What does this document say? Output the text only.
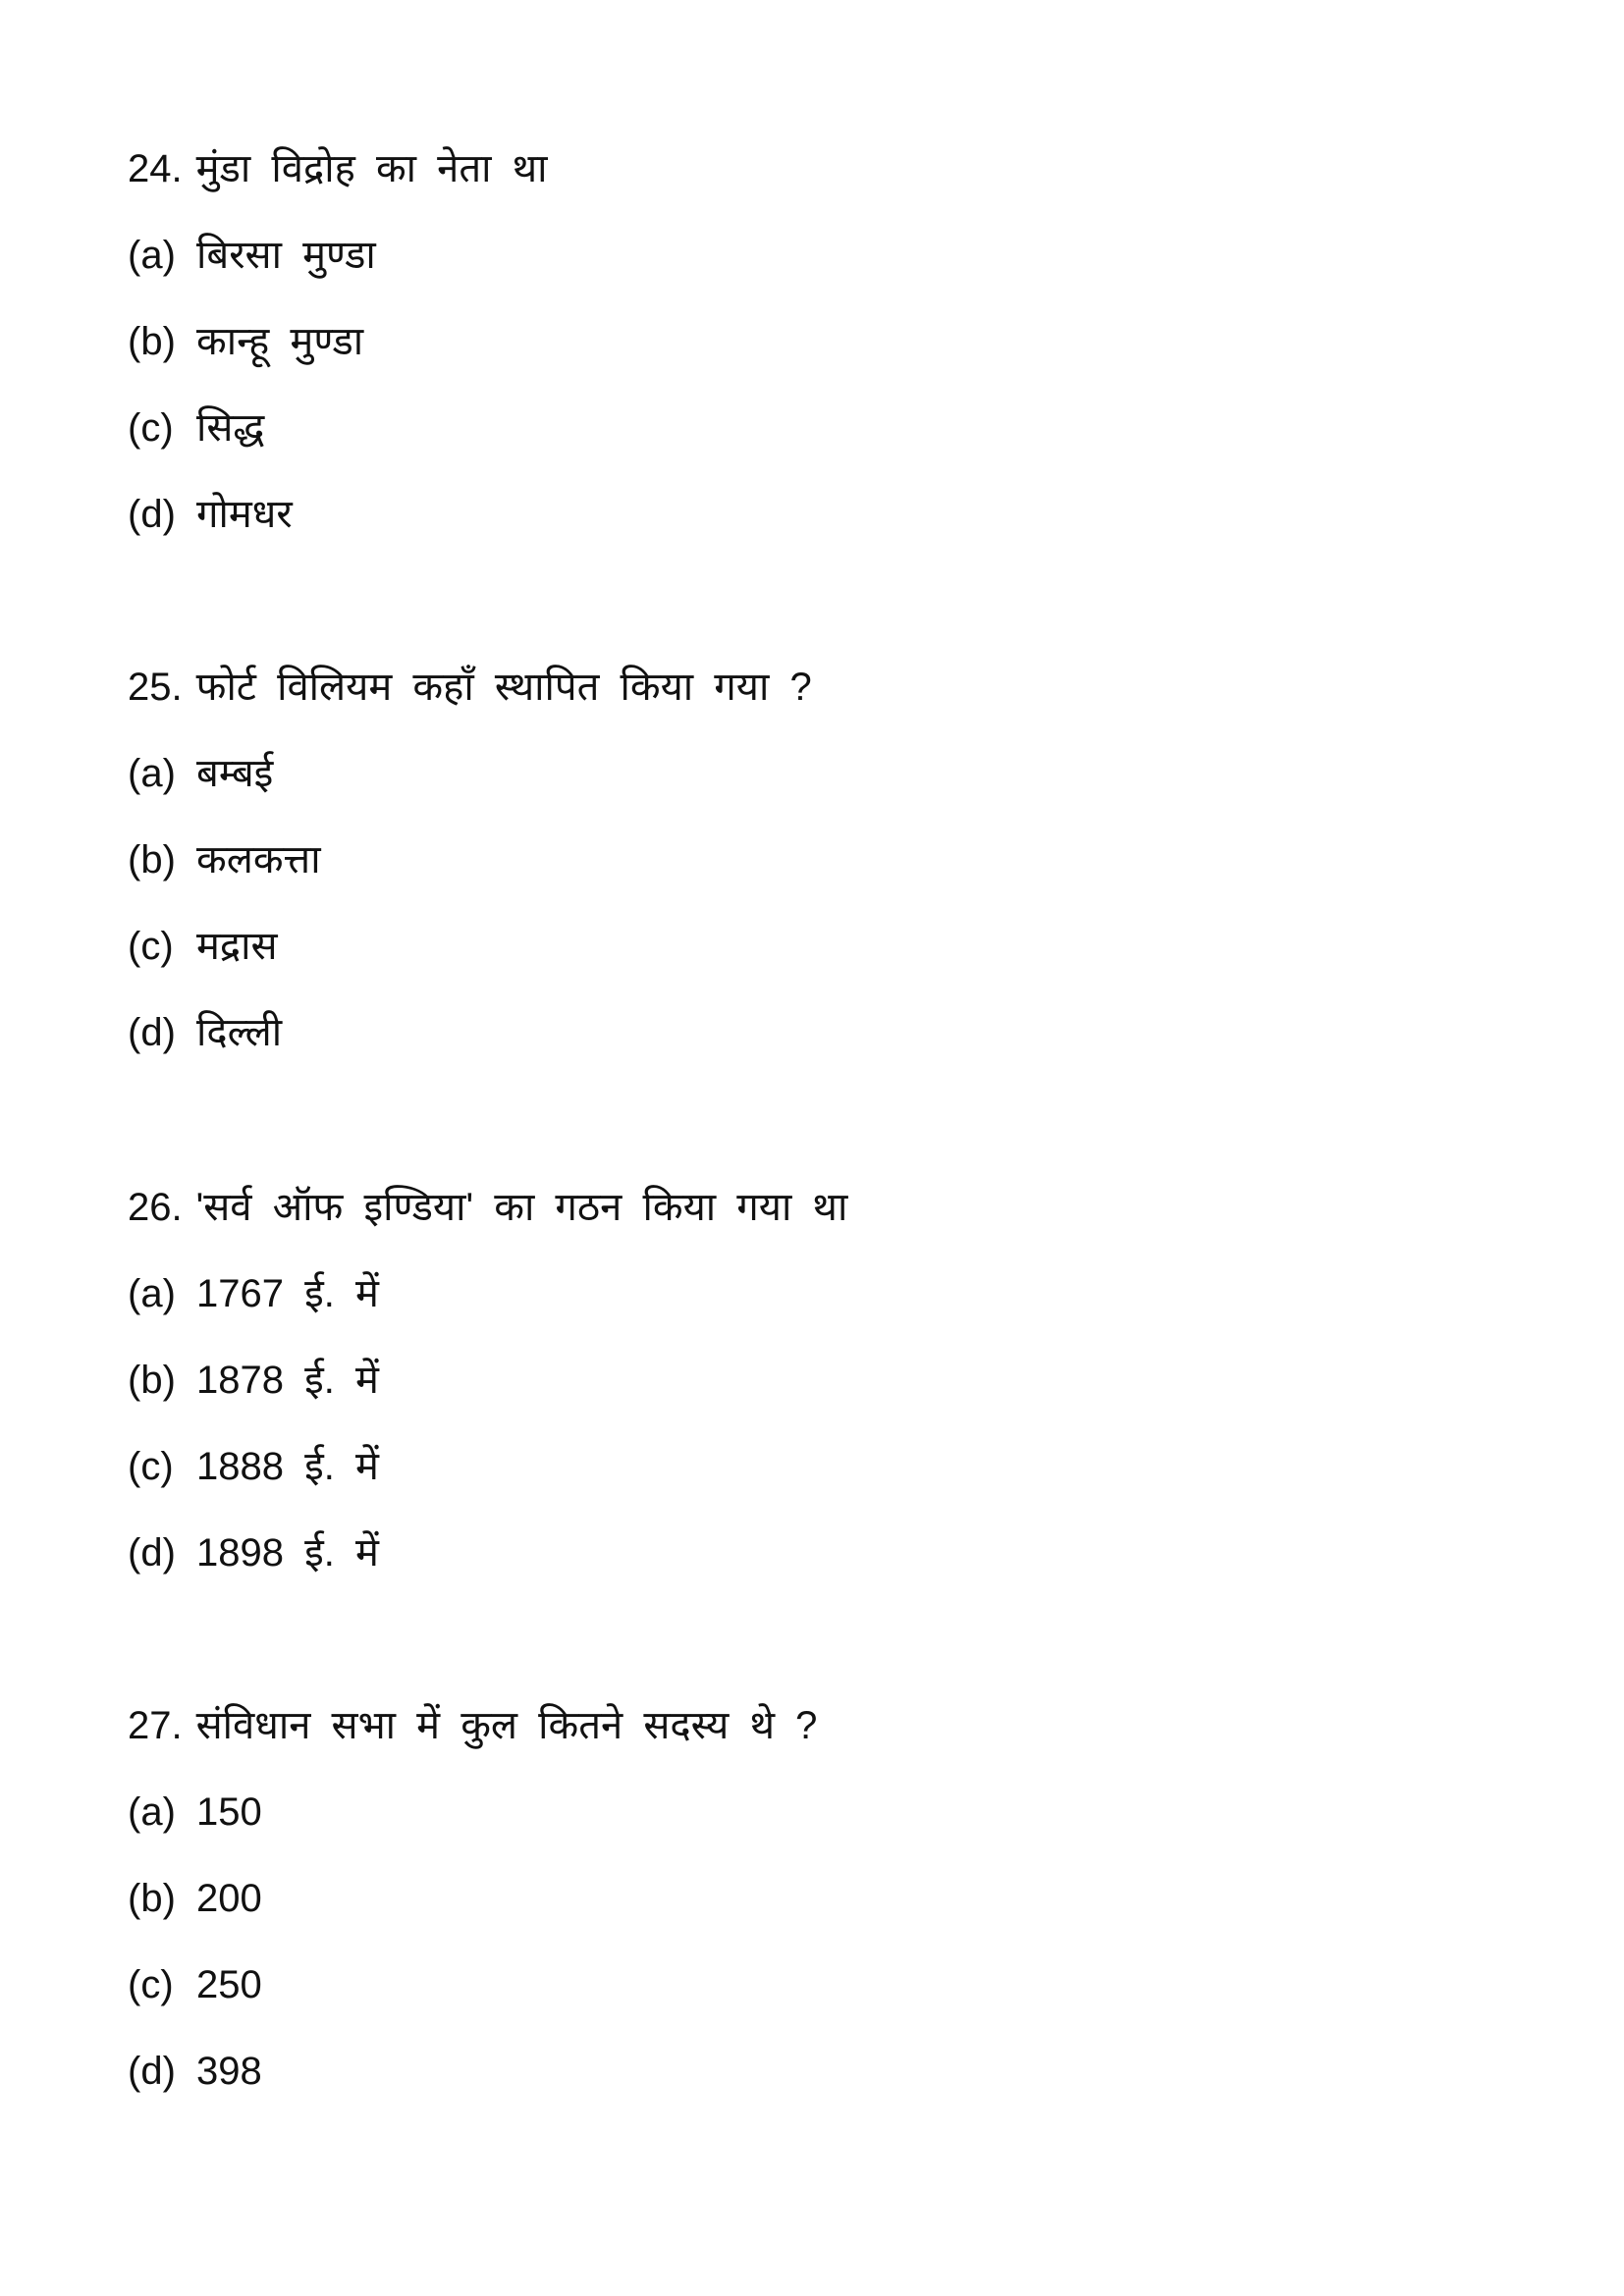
24. मुंडा विद्रोह का नेता था
(a) बिरसा मुण्डा
(b) कान्हू मुण्डा
(c) सिद्ध
(d) गोमधर
25. फोर्ट विलियम कहाँ स्थापित किया गया ?
(a) बम्बई
(b) कलकत्ता
(c) मद्रास
(d) दिल्ली
26. 'सर्व ऑफ इण्डिया' का गठन किया गया था
(a) 1767 ई. में
(b) 1878 ई. में
(c) 1888 ई. में
(d) 1898 ई. में
27. संविधान सभा में कुल कितने सदस्य थे ?
(a) 150
(b) 200
(c) 250
(d) 398
